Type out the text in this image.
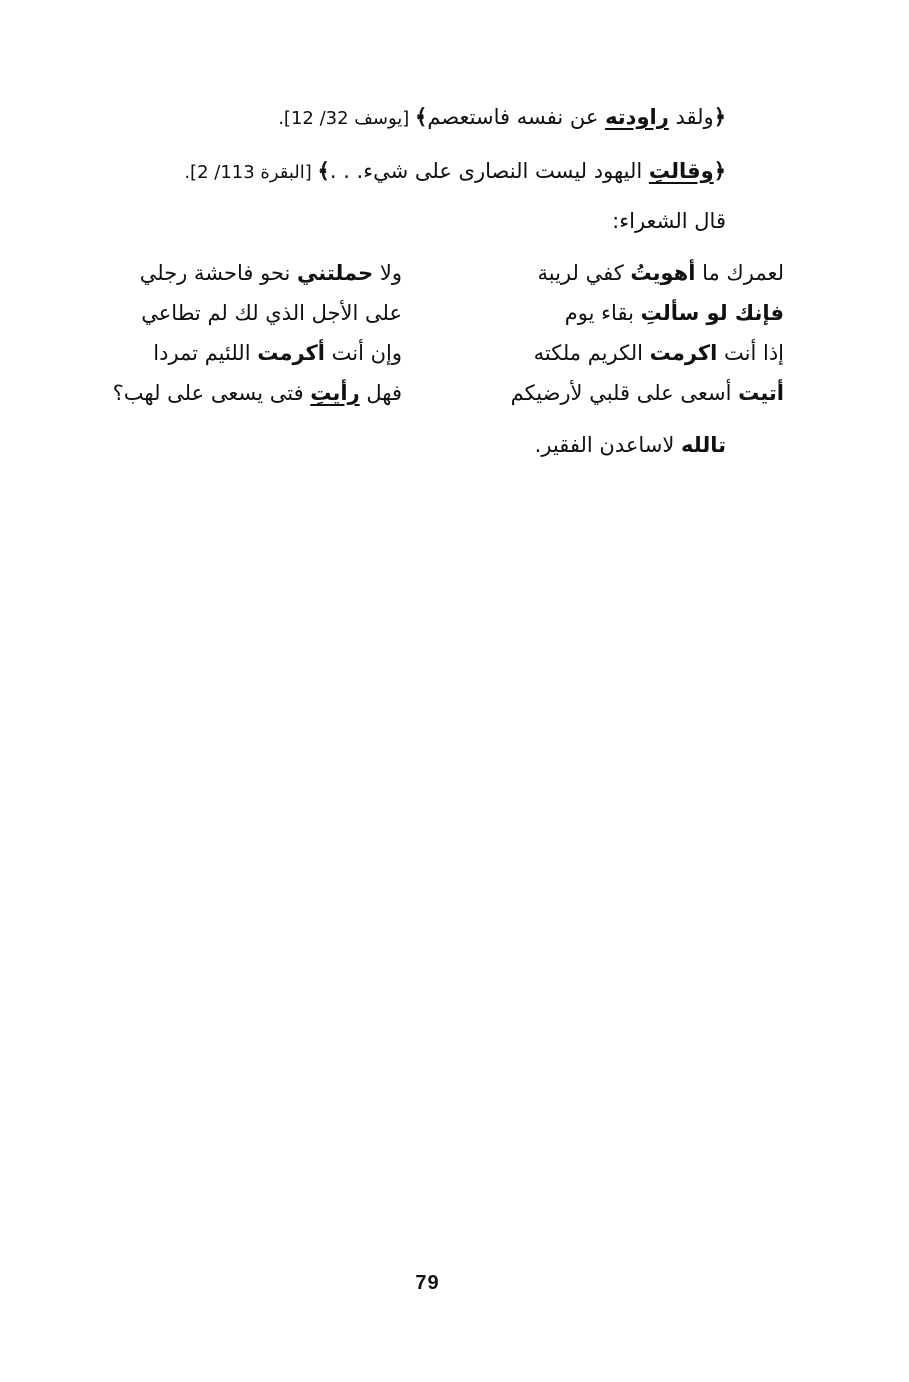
﴿ولقد راودته عن نفسه فاستعصم﴾ [يوسف 32/ 12].
﴿وقالتِ اليهود ليست النصارى على شيء. . .﴾ [البقرة 113/ 2].
قال الشعراء:
لعمرك ما أهويتُ كفي لريبة
فإنك لو سألتِ بقاء يوم
إذا أنت اكرمت الكريم ملكته
أتيت أسعى على قلبي لأرضيكم
ولا حملتني نحو فاحشة رجلي
على الأجل الذي لك لم تطاعي
وإن أنت أكرمت اللئيم تمردا
فهل رأيتِ فتى يسعى على لهب؟
تالله لاساعدن الفقير.
79
